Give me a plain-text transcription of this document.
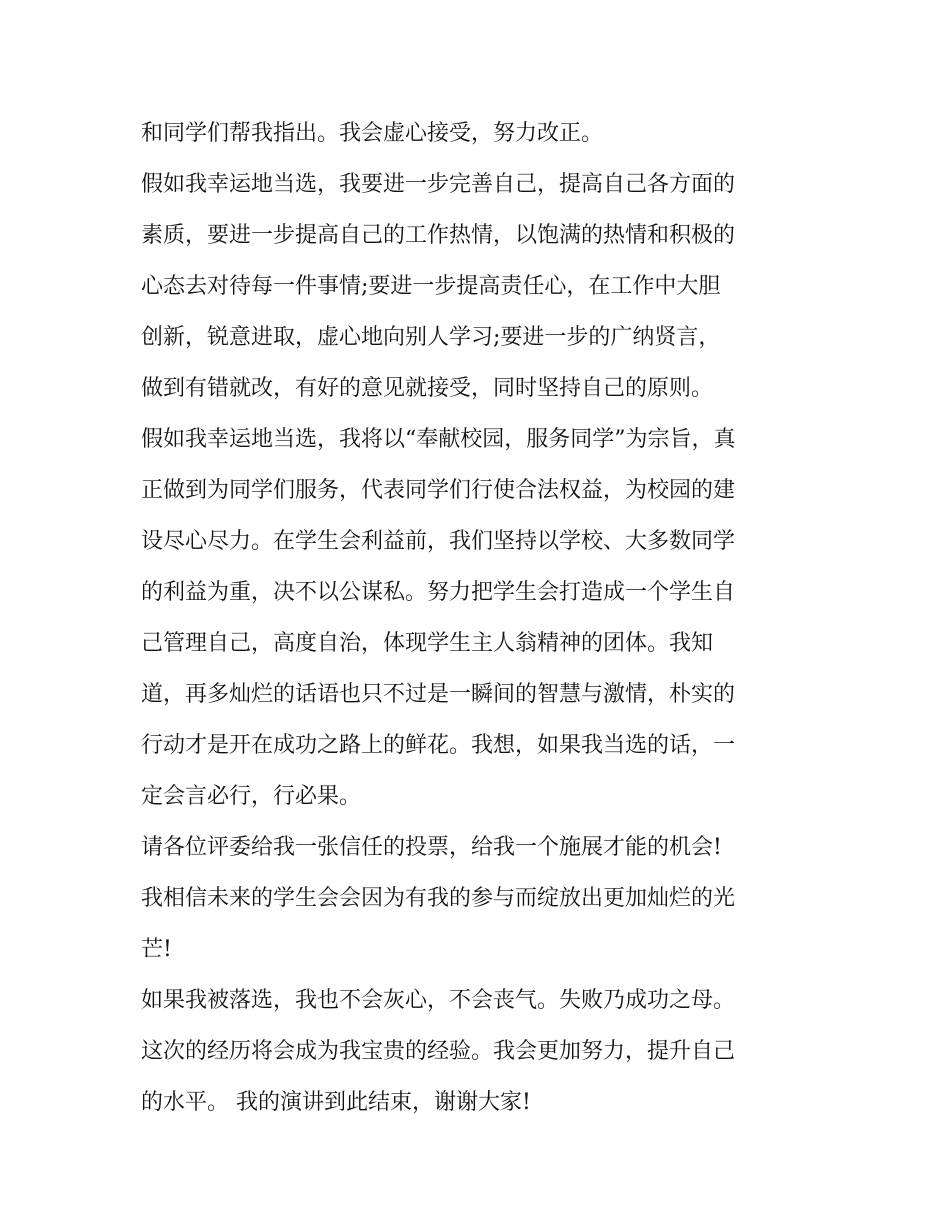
和同学们帮我指出。我会虚心接受，努力改正。
假如我幸运地当选，我要进一步完善自己，提高自己各方面的
素质，要进一步提高自己的工作热情，以饱满的热情和积极的
心态去对待每一件事情;要进一步提高责任心，在工作中大胆
创新，锐意进取，虚心地向别人学习;要进一步的广纳贤言，
做到有错就改，有好的意见就接受，同时坚持自己的原则。
假如我幸运地当选，我将以“奉献校园，服务同学”为宗旨，真
正做到为同学们服务，代表同学们行使合法权益，为校园的建
设尽心尽力。在学生会利益前，我们坚持以学校、大多数同学
的利益为重，决不以公谋私。努力把学生会打造成一个学生自
己管理自己，高度自治，体现学生主人翁精神的团体。我知
道，再多灿烂的话语也只不过是一瞬间的智慧与激情，朴实的
行动才是开在成功之路上的鲜花。我想，如果我当选的话，一
定会言必行，行必果。
请各位评委给我一张信任的投票，给我一个施展才能的机会!
我相信未来的学生会会因为有我的参与而绽放出更加灿烂的光
芒!
如果我被落选，我也不会灰心，不会丧气。失败乃成功之母。
这次的经历将会成为我宝贵的经验。我会更加努力，提升自己
的水平。 我的演讲到此结束，谢谢大家!
